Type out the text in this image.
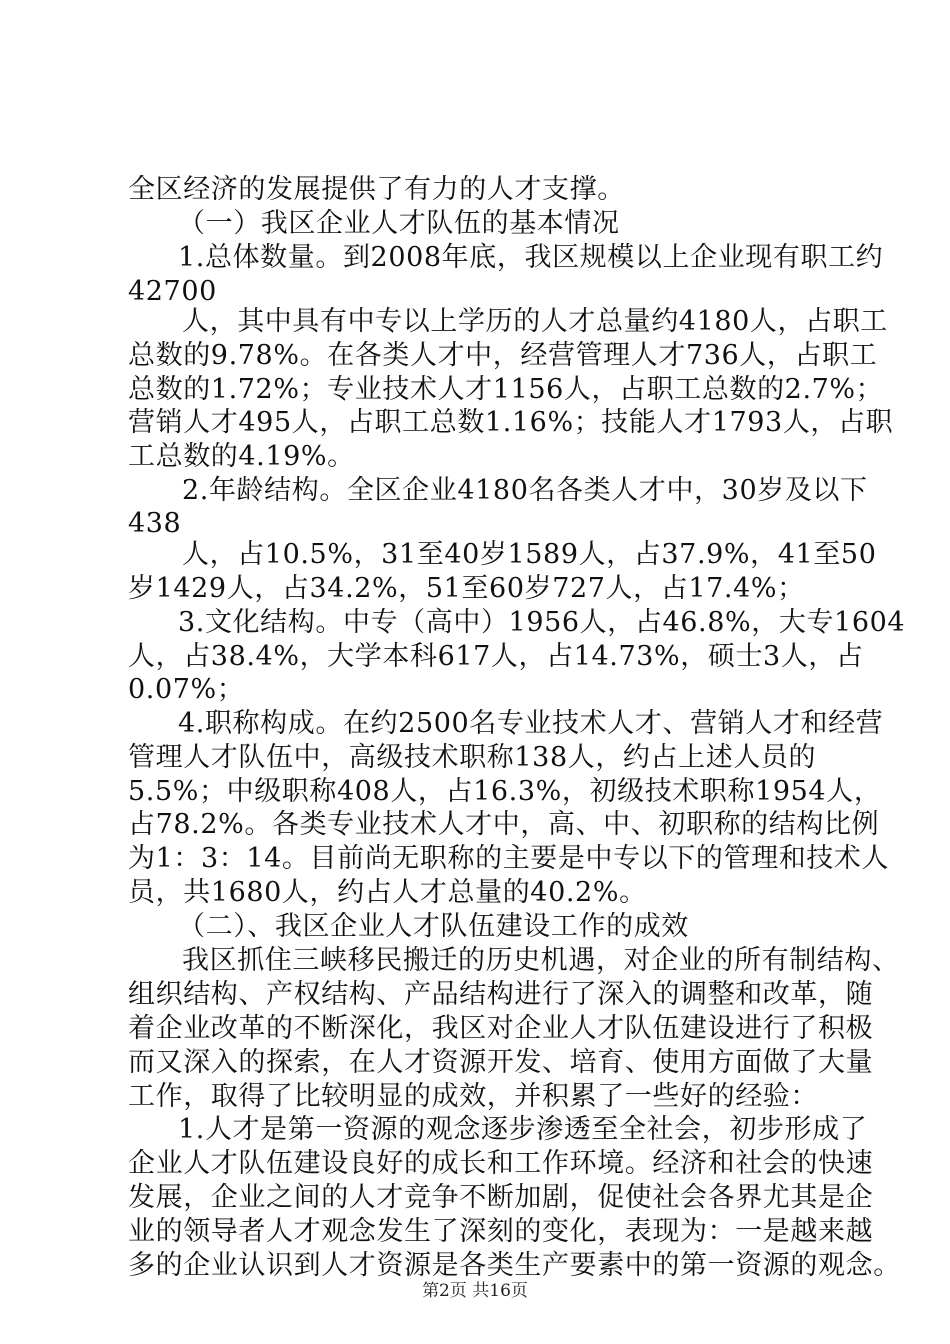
全区经济的发展提供了有力的人才支撑。
（一）我区企业人才队伍的基本情况
1.总体数量。到2008年底，我区规模以上企业现有职工约
42700
人，其中具有中专以上学历的人才总量约4180人，占职工
总数的9.78%。在各类人才中，经营管理人才736人，占职工
总数的1.72%；专业技术人才1156人，占职工总数的2.7%；
营销人才495人，占职工总数1.16%；技能人才1793人，占职
工总数的4.19%。
2.年龄结构。全区企业4180名各类人才中，30岁及以下
438
人，占10.5%，31至40岁1589人，占37.9%，41至50
岁1429人，占34.2%，51至60岁727人，占17.4%；
3.文化结构。中专（高中）1956人，占46.8%，大专1604
人，占38.4%，大学本科617人，占14.73%，硕士3人，占
0.07%；
4.职称构成。在约2500名专业技术人才、营销人才和经营
管理人才队伍中，高级技术职称138人，约占上述人员的
5.5%；中级职称408人，占16.3%，初级技术职称1954人，
占78.2%。各类专业技术人才中，高、中、初职称的结构比例
为1：3：14。目前尚无职称的主要是中专以下的管理和技术人
员，共1680人，约占人才总量的40.2%。
（二）、我区企业人才队伍建设工作的成效
我区抓住三峡移民搬迁的历史机遇，对企业的所有制结构、
组织结构、产权结构、产品结构进行了深入的调整和改革，随
着企业改革的不断深化，我区对企业人才队伍建设进行了积极
而又深入的探索，在人才资源开发、培育、使用方面做了大量
工作，取得了比较明显的成效，并积累了一些好的经验：
1.人才是第一资源的观念逐步渗透至全社会，初步形成了
企业人才队伍建设良好的成长和工作环境。经济和社会的快速
发展，企业之间的人才竞争不断加剧，促使社会各界尤其是企
业的领导者人才观念发生了深刻的变化，表现为：一是越来越
多的企业认识到人才资源是各类生产要素中的第一资源的观念。
第2页 共16页
